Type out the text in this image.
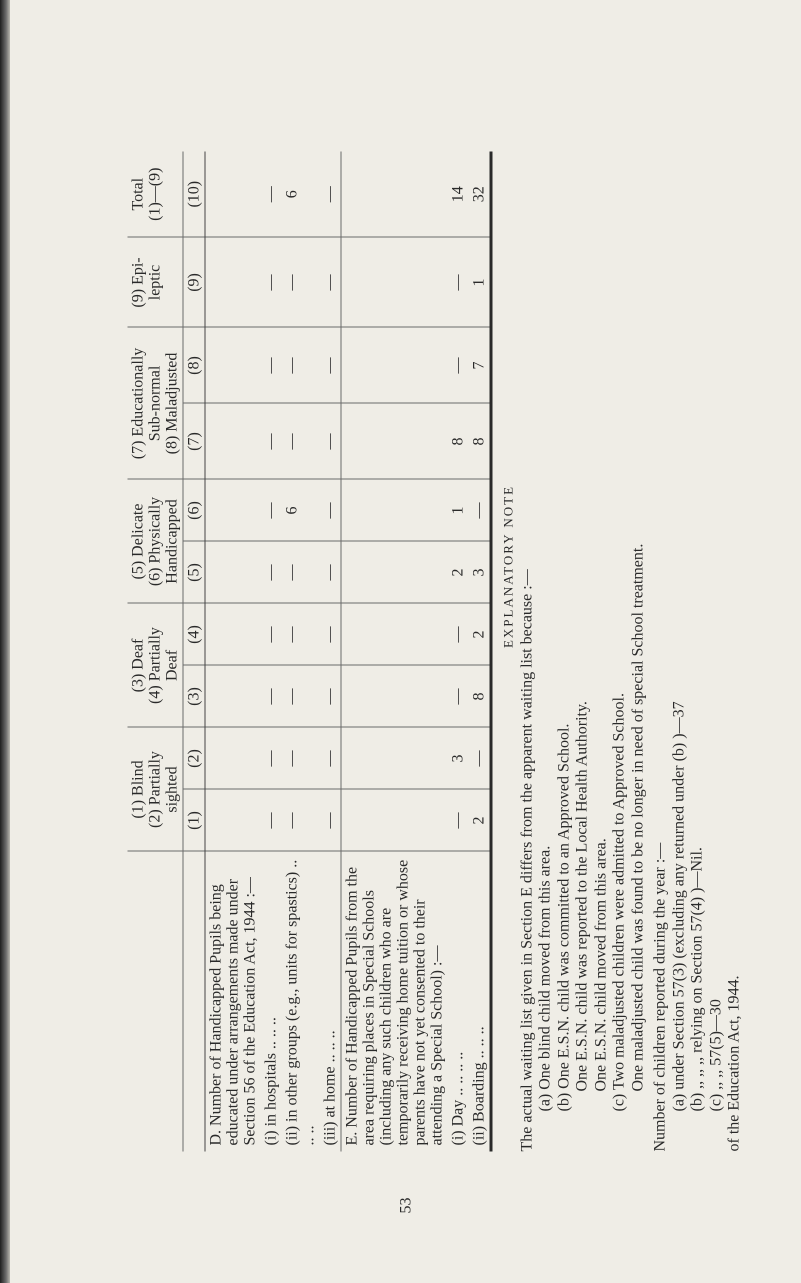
	(1) Blind
(2) Partially
sighted		(3) Deaf
(4) Partially
Deaf		(5) Delicate
(6) Physically
Handicapped		(7) Educationally
Sub-normal
(8) Maladjusted		(9) Epi-
leptic	Total
(1)—(9)
	(1)	(2)	(3)	(4)	(5)	(6)	(7)	(8)	(9)	(10)
D. Number of Handicapped Pupils being educated under arrangements made under Section 56 of the Education Act, 1944 :—										
(i) in hospitals .. .. ..	—	—	—	—	—	—	—	—	—	—
(ii) in other groups (e.g., units for spastics) .. .. ..	—	—	—	—	—	6	—	—	—	6
(iii) at home .. .. ..	—	—	—	—	—	—	—	—	—	—
E. Number of Handicapped Pupils from the area requiring places in Special Schools (including any such children who are temporarily receiving home tuition or whose parents have not yet consented to their attending a Special School) :—										
(i) Day .. .. .. ..	—	3	—	—	2	1	8	—	—	14
(ii) Boarding .. .. ..	2	—	8	2	3	—	8	7	1	32

EXPLANATORY NOTE

The actual waiting list given in Section E differs from the apparent waiting list because :— (a) One blind child moved from this area. (b) One E.S.N. child was committed to an Approved School. One E.S.N. child was reported to the Local Health Authority. One E.S.N. child moved from this area. (c) Two maladjusted children were admitted to Approved School. One maladjusted child was found to be no longer in need of special School treatment. Number of children reported during the year :— (a) under Section 57(3) (excluding any returned under (b) )—37 (b) ,, ,, ,, relying on Section 57(4) )—Nil. (c) ,, ,, 57(5)—30 of the Education Act, 1944.

53
